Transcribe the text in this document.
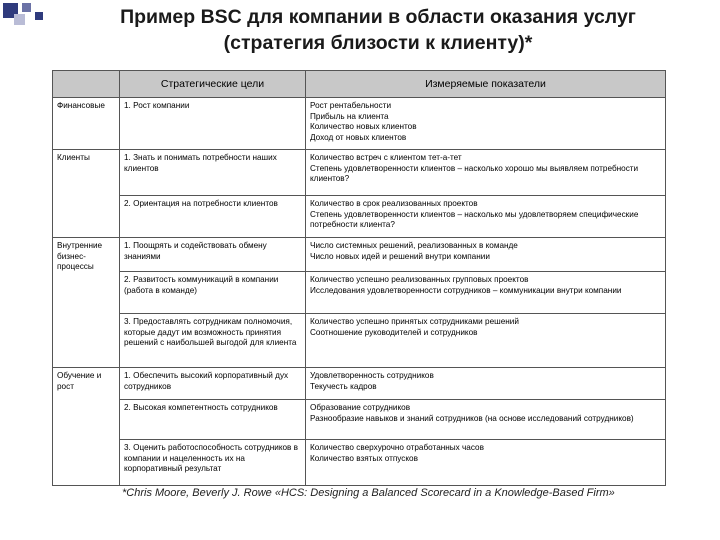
Пример BSC для компании в области оказания услуг
(стратегия близости к клиенту)*
	Стратегические цели	Измеряемые показатели
Финансовые	1. Рост компании	Рост рентабельности
Прибыль на клиента
Количество новых клиентов
Доход от новых клиентов
Клиенты	1. Знать и понимать потребности наших клиентов	Количество встреч с клиентом тет-а-тет
Степень удовлетворенности клиентов – насколько хорошо мы выявляем потребности клиентов?
	2. Ориентация на потребности клиентов	Количество в срок реализованных проектов
Степень удовлетворенности клиентов – насколько мы удовлетворяем специфические потребности клиента?
Внутренние бизнес-процессы	1. Поощрять и содействовать обмену знаниями	Число системных решений, реализованных в команде
Число новых идей и решений внутри компании
	2. Развитость коммуникаций в компании (работа в команде)	Количество успешно реализованных групповых проектов
Исследования удовлетворенности сотрудников – коммуникации внутри компании
	3. Предоставлять сотрудникам полномочия, которые дадут им возможность принятия решений с наибольшей выгодой для клиента	Количество успешно принятых сотрудниками решений
Соотношение руководителей и сотрудников
Обучение и рост	1. Обеспечить высокий корпоративный дух сотрудников	Удовлетворенность сотрудников
Текучесть кадров
	2. Высокая компетентность сотрудников	Образование сотрудников
Разнообразие навыков и знаний сотрудников (на основе исследований сотрудников)
	3. Оценить работоспособность сотрудников в компании и нацеленность их на корпоративный результат	Количество сверхурочно отработанных часов
Количество взятых отпусков
*Chris Moore, Beverly J. Rowe «HCS: Designing a Balanced Scorecard in a Knowledge-Based Firm»
